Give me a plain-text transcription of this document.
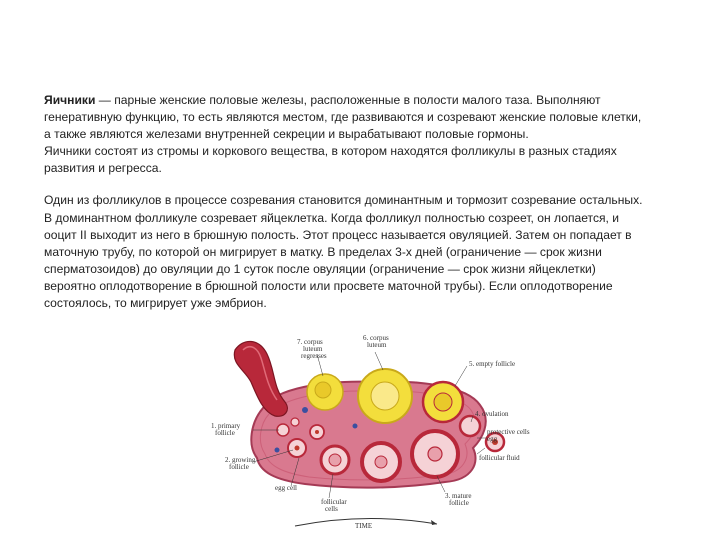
Яичники — парные женские половые железы, расположенные в полости малого таза. Выполняют
генеративную функцию, то есть являются местом, где развиваются и созревают женские половые клетки,
а также являются железами внутренней секреции и вырабатывают половые гормоны.

Яичники состоят из стромы и коркового вещества, в котором находятся фолликулы в разных стадиях
развития и регресса.

Один из фолликулов в процессе созревания становится доминантным и тормозит созревание остальных.
В доминантном фолликуле созревает яйцеклетка. Когда фолликул полностью созреет, он лопается, и
ооцит II выходит из него в брюшную полость. Этот процесс называется овуляцией. Затем он попадает в
маточную трубу, по которой он мигрирует в матку. В пределах 3-х дней (ограничение — срок жизни
сперматозоидов) до овуляции до 1 суток после овуляции (ограничение — срок жизни яйцеклетки)
вероятно оплодотворение в брюшной полости или просвете маточной трубы). Если оплодотворение
состоялось, то мигрирует уже эмбрион.

7. corpus luteum regresses
6. corpus luteum
5. empty follicle
4. ovulation
protective cells egg
follicular fluid
3. mature follicle
follicular cells
egg cell
2. growing follicle
1. primary follicle
TIME
